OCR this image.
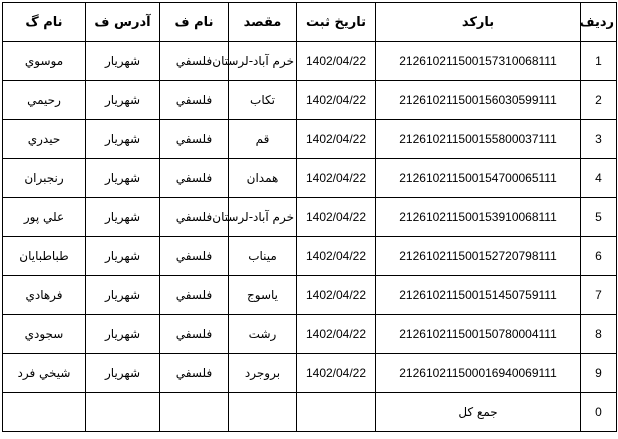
ردیف	بارکد	تاریخ ثبت	مقصد	نام ف	آدرس ف	نام گ
1	212610211500157310068111	1402/04/22	خرم آباد-لرستان	فلسفي	شهريار	موسوي
2	212610211500156030599111	1402/04/22	تکاب	فلسفي	شهريار	رحيمي
3	212610211500155800037111	1402/04/22	قم	فلسفي	شهريار	حيدري
4	212610211500154700065111	1402/04/22	همدان	فلسفي	شهريار	رنجبران
5	212610211500153910068111	1402/04/22	خرم آباد-لرستان	فلسفي	شهريار	علي پور
6	212610211500152720798111	1402/04/22	ميناب	فلسفي	شهريار	طباطبايان
7	212610211500151450759111	1402/04/22	ياسوج	فلسفي	شهريار	فرهادي
8	212610211500150780004111	1402/04/22	رشت	فلسفي	شهريار	سجودي
9	212610211500016940069111	1402/04/22	بروجرد	فلسفي	شهريار	شيخي فرد
0	جمع کل					
